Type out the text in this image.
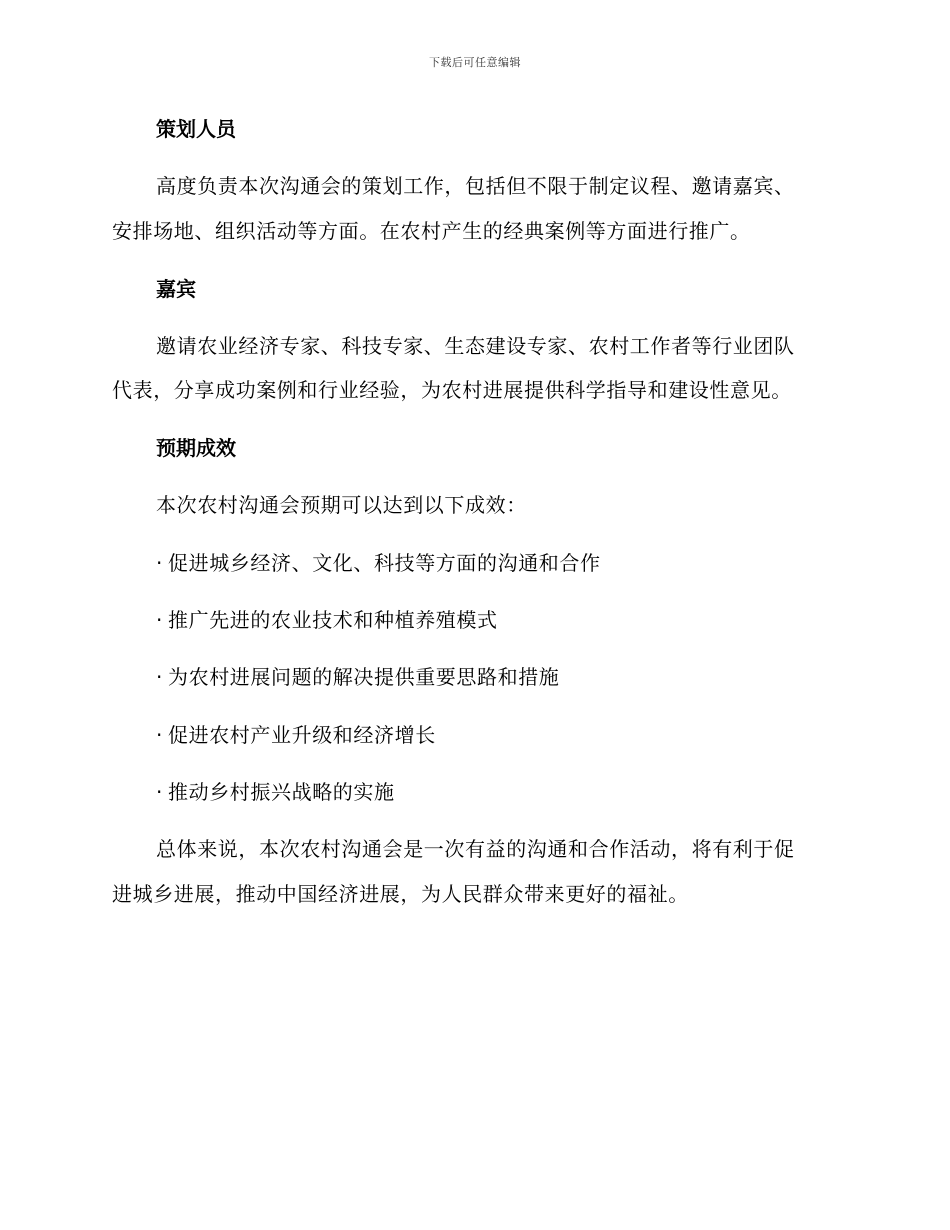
下载后可任意编辑
策划人员
高度负责本次沟通会的策划工作，包括但不限于制定议程、邀请嘉宾、
安排场地、组织活动等方面。在农村产生的经典案例等方面进行推广。
嘉宾
邀请农业经济专家、科技专家、生态建设专家、农村工作者等行业团队
代表，分享成功案例和行业经验，为农村进展提供科学指导和建设性意见。
预期成效
本次农村沟通会预期可以达到以下成效：
· 促进城乡经济、文化、科技等方面的沟通和合作
· 推广先进的农业技术和种植养殖模式
· 为农村进展问题的解决提供重要思路和措施
· 促进农村产业升级和经济增长
· 推动乡村振兴战略的实施
总体来说，本次农村沟通会是一次有益的沟通和合作活动，将有利于促
进城乡进展，推动中国经济进展，为人民群众带来更好的福祉。
